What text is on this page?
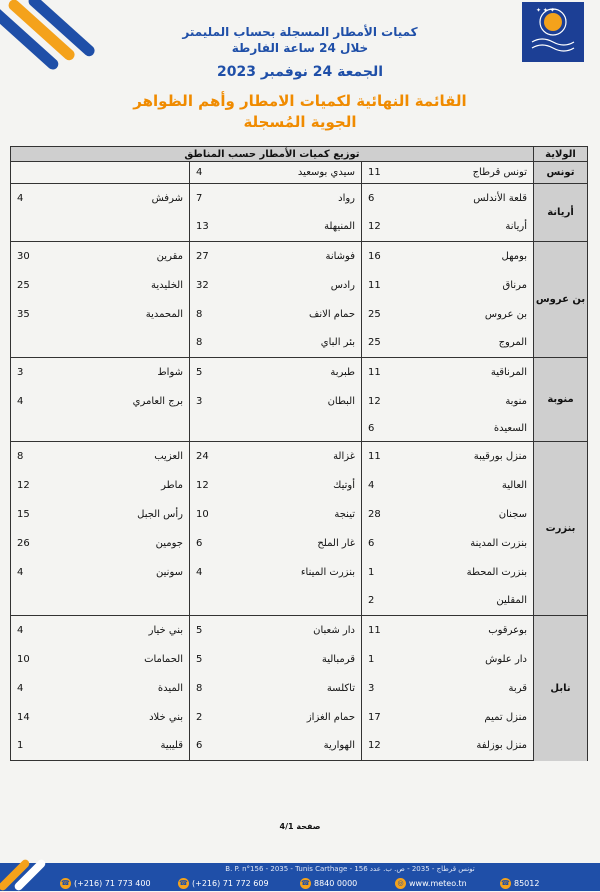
✦ ✦ ✦
كميات الأمطار المسجلة بحساب المليمتر
خلال 24 ساعة الفارطة
الجمعة 24 نوفمبر 2023
القائمة النهائية لكميات الامطار وأهم الظواهر
الجوية المُسجلة
الولاية	توزيع كميات الأمطار حسب المناطق					
تونس	تونس قرطاج	11	سيدي بوسعيد	4		
أريانة	قلعة الأندلس	6	رواد	7	شرفش	4
	أريانة	12	المنيهلة	13		
بن عروس	بومهل	16	فوشانة	27	مقرين	30
	مرناق	11	رادس	32	الخليدية	25
	بن عروس	25	حمام الانف	8	المحمدية	35
	المروج	25	بئر الباي	8		
منوبة	المرناقية	11	طبربة	5	شواط	3
	منوبة	12	البطان	3	برج العامري	4
	السعيدة	6				
بنزرت	منزل بورقيبة	11	غزالة	24	العزيب	8
	العالية	4	أوتيك	12	ماطر	12
	سجنان	28	تينجة	10	رأس الجبل	15
	بنزرت المدينة	6	غار الملح	6	جومين	26
	بنزرت المحطة	1	بنزرت الميناء	4	سونين	4
	المقلين	2				
نابل	بوعرقوب	11	دار شعبان	5	بني خيار	4
	دار علوش	1	قرمبالية	5	الحمامات	10
	قربة	3	تاكلسة	8	الميدة	4
	منزل تميم	17	حمام الغزاز	2	بني خلاد	14
	منزل بوزلفة	12	الهوارية	6	قليبية	1
صفحة 4/1
B. P. n°156 - 2035 - Tunis Carthage - تونس قرطاج - 2035 - ص. ب. عدد 156
☎ (+216) 71 773 400	☎ (+216) 71 772 609	☎ 8840 0000	◎ www.meteo.tn	☎ 85012
